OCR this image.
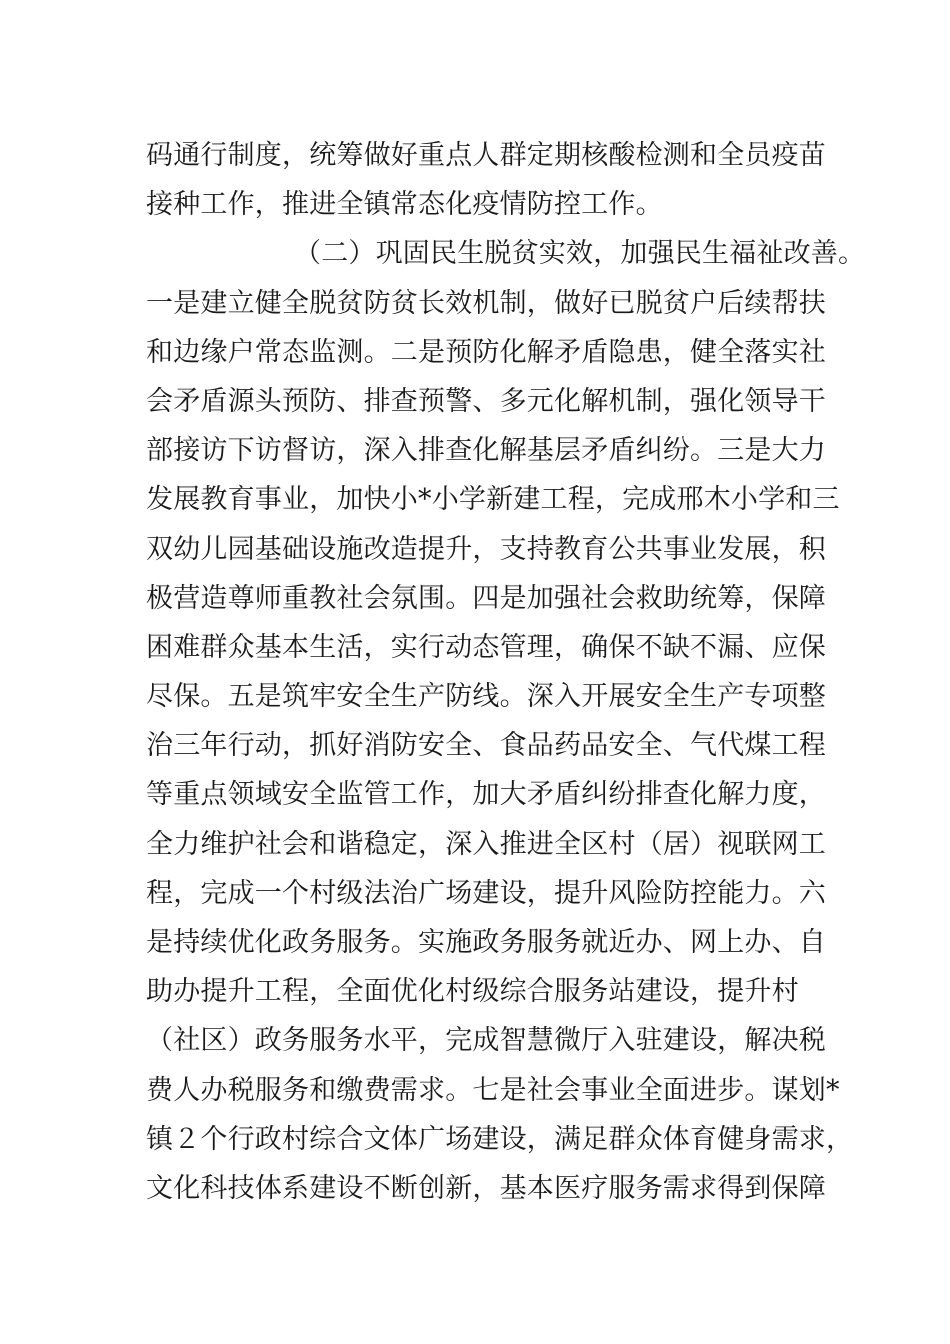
码通行制度，统筹做好重点人群定期核酸检测和全员疫苗
接种工作，推进全镇常态化疫情防控工作。
（二）巩固民生脱贫实效，加强民生福祉改善。
一是建立健全脱贫防贫长效机制，做好已脱贫户后续帮扶
和边缘户常态监测。二是预防化解矛盾隐患，健全落实社
会矛盾源头预防、排查预警、多元化解机制，强化领导干
部接访下访督访，深入排查化解基层矛盾纠纷。三是大力
发展教育事业，加快小*小学新建工程，完成邢木小学和三
双幼儿园基础设施改造提升，支持教育公共事业发展，积
极营造尊师重教社会氛围。四是加强社会救助统筹，保障
困难群众基本生活，实行动态管理，确保不缺不漏、应保
尽保。五是筑牢安全生产防线。深入开展安全生产专项整
治三年行动，抓好消防安全、食品药品安全、气代煤工程
等重点领域安全监管工作，加大矛盾纠纷排查化解力度，
全力维护社会和谐稳定，深入推进全区村（居）视联网工
程，完成一个村级法治广场建设，提升风险防控能力。六
是持续优化政务服务。实施政务服务就近办、网上办、自
助办提升工程，全面优化村级综合服务站建设，提升村
（社区）政务服务水平，完成智慧微厅入驻建设，解决税
费人办税服务和缴费需求。七是社会事业全面进步。谋划*
镇２个行政村综合文体广场建设，满足群众体育健身需求，
文化科技体系建设不断创新，基本医疗服务需求得到保障
